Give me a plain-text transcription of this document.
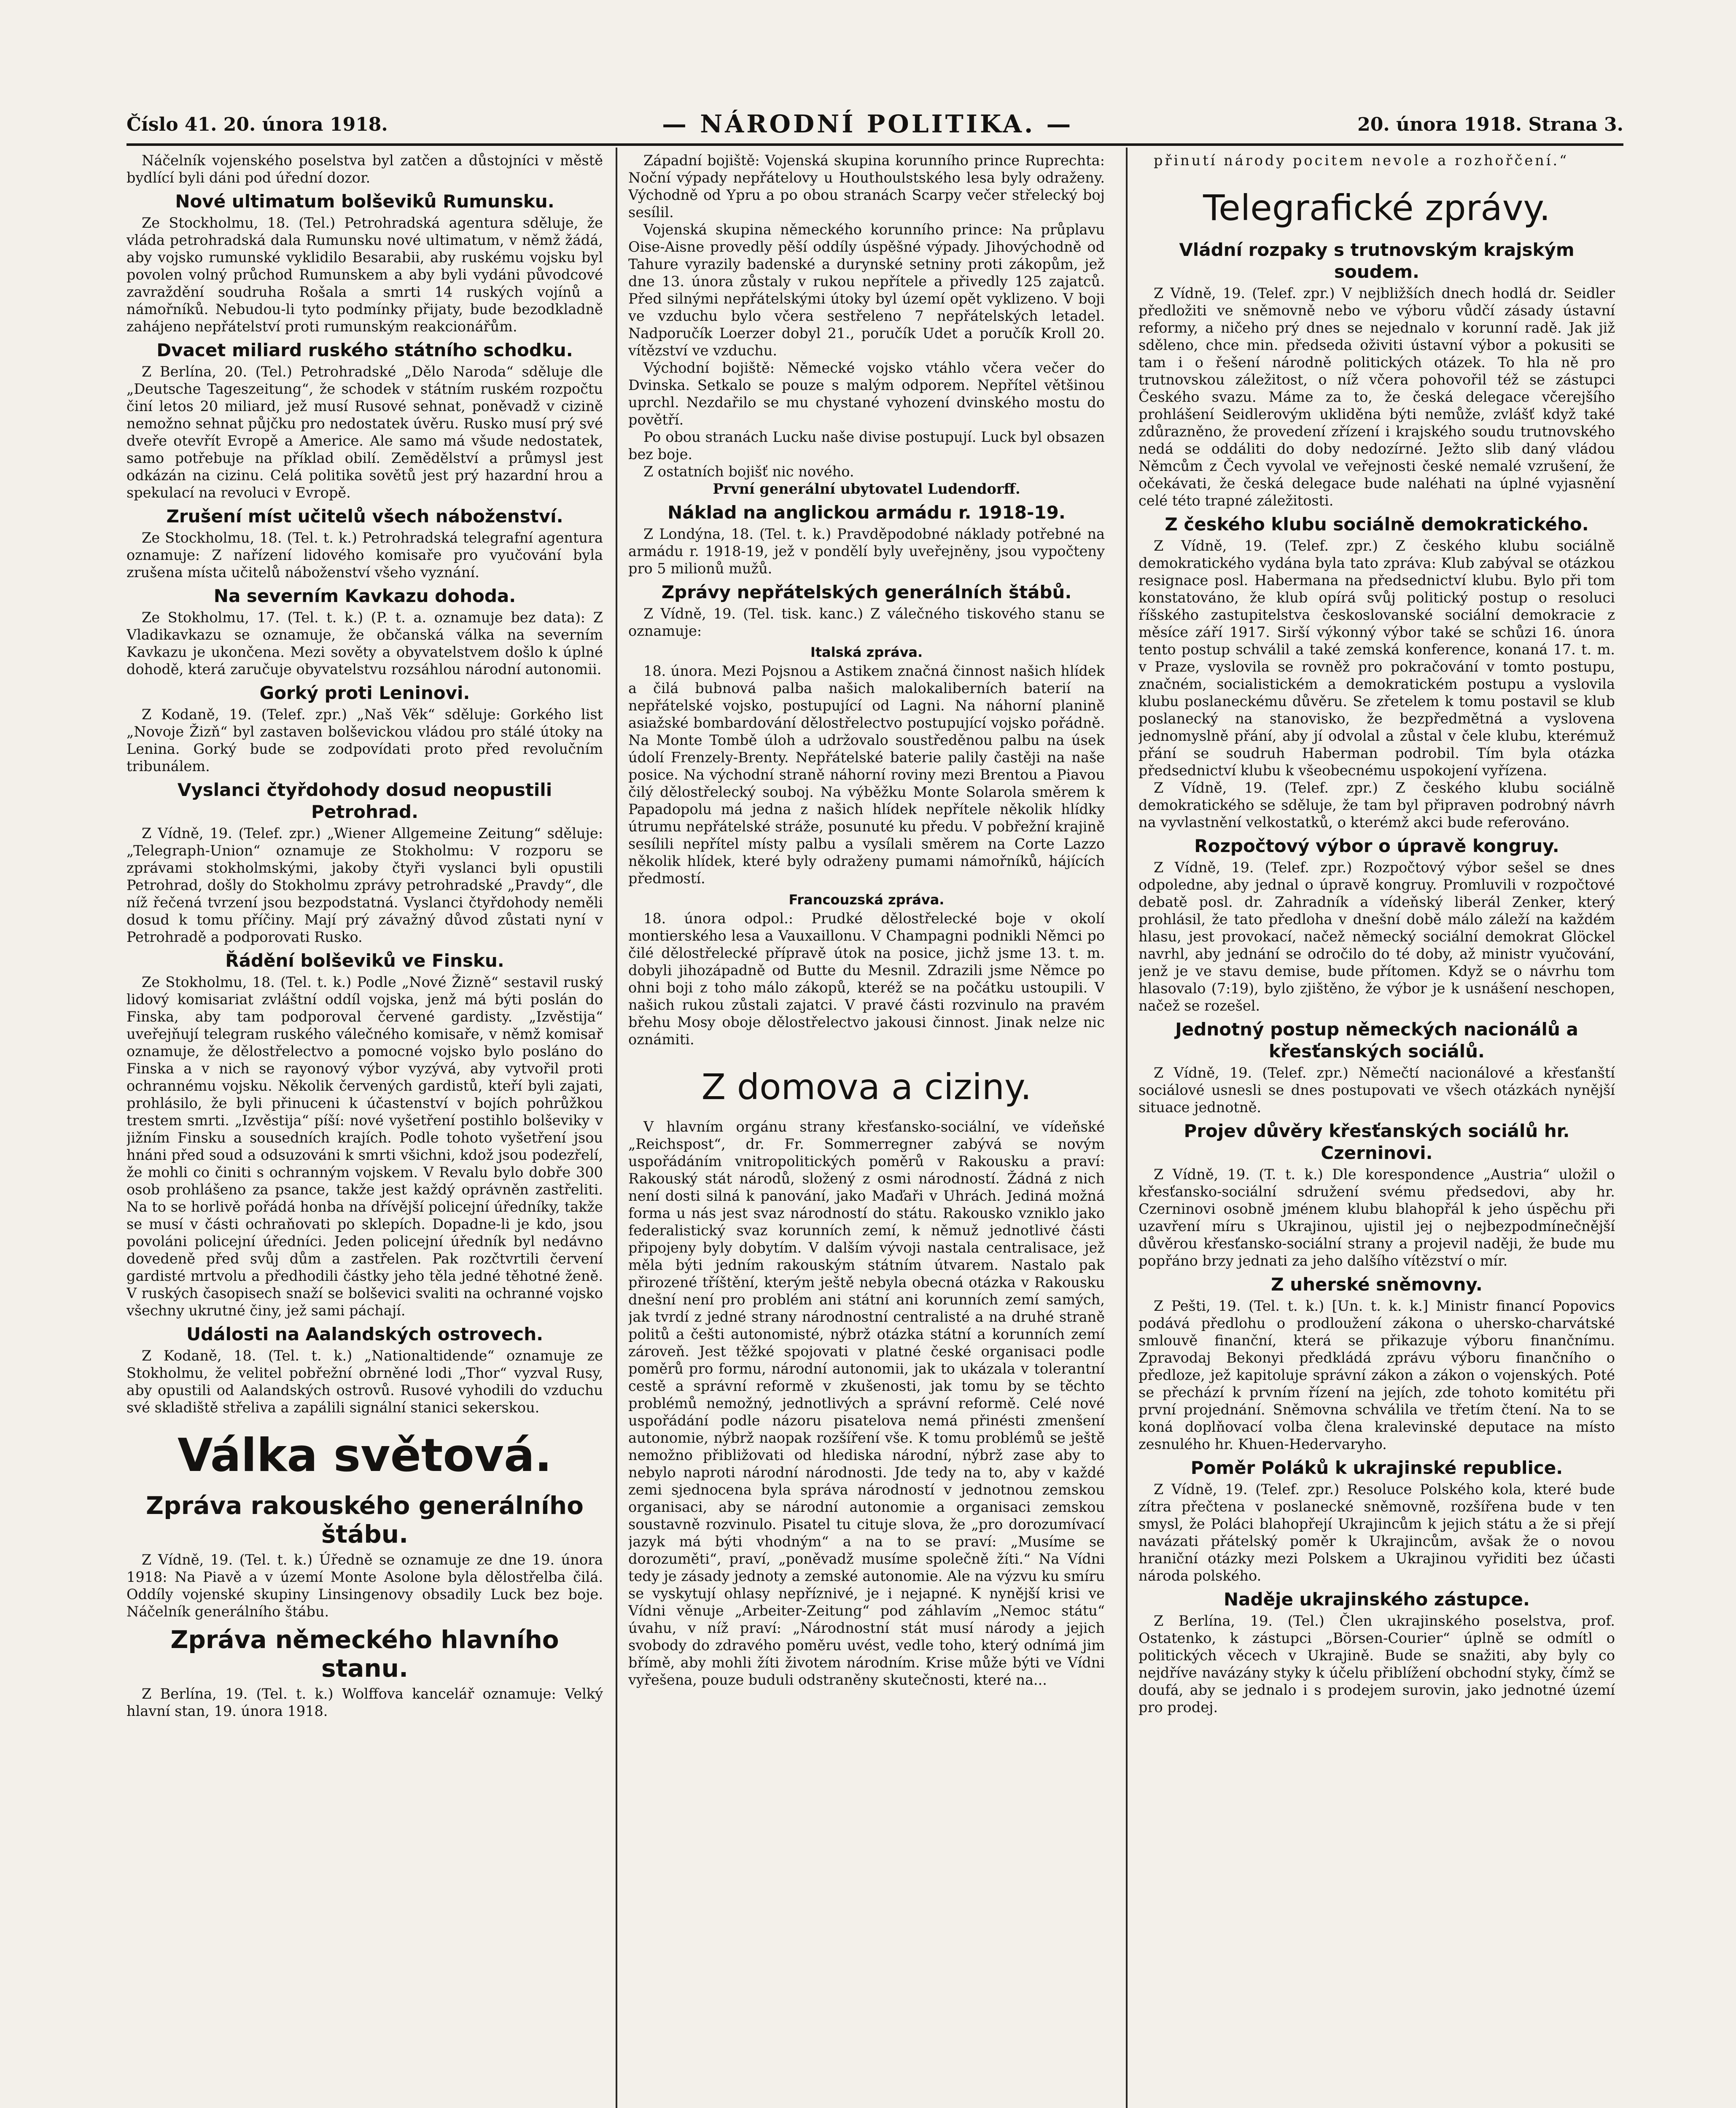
Číslo 41. 20. února 1918.	— NÁRODNÍ POLITIKA. —	20. února 1918. Strana 3.

Náčelník vojenského poselstva byl zatčen a důstojníci v městě bydlící byli dáni pod úřední dozor.

Nové ultimatum bolševiků Rumunsku.

Ze Stockholmu, 18. (Tel.) Petrohradská agentura sděluje, že vláda petrohradská dala Rumunsku nové ultimatum, v němž žádá, aby vojsko rumunské vyklidilo Besarabii, aby ruskému vojsku byl povolen volný průchod Rumunskem a aby byli vydáni původcové zavraždění soudruha Rošala a smrti 14 ruských vojínů a námořníků. Nebudou-li tyto podmínky přijaty, bude bezodkladně zahájeno nepřátelství proti rumunským reakcionářům.

Dvacet miliard ruského státního schodku.

Z Berlína, 20. (Tel.) Petrohradské „Dělo Naroda“ sděluje dle „Deutsche Tageszeitung“, že schodek v státním ruském rozpočtu činí letos 20 miliard, jež musí Rusové sehnat, poněvadž v cizině nemožno sehnat půjčku pro nedostatek úvěru. Rusko musí prý své dveře otevřít Evropě a Americe. Ale samo má všude nedostatek, samo potřebuje na příklad obilí. Zemědělství a průmysl jest odkázán na cizinu. Celá politika sovětů jest prý hazardní hrou a spekulací na revoluci v Evropě.

Zrušení míst učitelů všech náboženství.

Ze Stockholmu, 18. (Tel. t. k.) Petrohradská telegrafní agentura oznamuje: Z nařízení lidového komisaře pro vyučování byla zrušena místa učitelů náboženství všeho vyznání.

Na severním Kavkazu dohoda.

Ze Stokholmu, 17. (Tel. t. k.) (P. t. a. oznamuje bez data): Z Vladikavkazu se oznamuje, že občanská válka na severním Kavkazu je ukončena. Mezi sověty a obyvatelstvem došlo k úplné dohodě, která zaručuje obyvatelstvu rozsáhlou národní autonomii.

Gorký proti Leninovi.

Z Kodaně, 19. (Telef. zpr.) „Naš Věk“ sděluje: Gorkého list „Novoje Žizň“ byl zastaven bolševickou vládou pro stálé útoky na Lenina. Gorký bude se zodpovídati proto před revolučním tribunálem.

Vyslanci čtyřdohody dosud neopustili Petrohrad.

Z Vídně, 19. (Telef. zpr.) „Wiener Allgemeine Zeitung“ sděluje: „Telegraph-Union“ oznamuje ze Stokholmu: V rozporu se zprávami stokholmskými, jakoby čtyři vyslanci byli opustili Petrohrad, došly do Stokholmu zprávy petrohradské „Pravdy“, dle níž řečená tvrzení jsou bezpodstatná. Vyslanci čtyřdohody neměli dosud k tomu příčiny. Mají prý závažný důvod zůstati nyní v Petrohradě a podporovati Rusko.

Řádění bolševiků ve Finsku.

Ze Stokholmu, 18. (Tel. t. k.) Podle „Nové Žizně“ sestavil ruský lidový komisariat zvláštní oddíl vojska, jenž má býti poslán do Finska, aby tam podporoval červené gardisty. „Izvěstija“ uveřejňují telegram ruského válečného komisaře, v němž komisař oznamuje, že dělostřelectvo a pomocné vojsko bylo posláno do Finska a v nich se rayonový výbor vyzývá, aby vytvořil proti ochrannému vojsku. Několik červených gardistů, kteří byli zajati, prohlásilo, že byli přinuceni k účastenství v bojích pohrůžkou trestem smrti. „Izvěstija“ píší: nové vyšetření postihlo bolševiky v jižním Finsku a sousedních krajích. Podle tohoto vyšetření jsou hnáni před soud a odsuzováni k smrti všichni, kdož jsou podezřelí, že mohli co činiti s ochranným vojskem. V Revalu bylo dobře 300 osob prohlášeno za psance, takže jest každý oprávněn zastřeliti. Na to se horlivě pořádá honba na dřívější policejní úředníky, takže se musí v části ochraňovati po sklepích. Dopadne-li je kdo, jsou povoláni policejní úředníci. Jeden policejní úředník byl nedávno dovedeně před svůj dům a zastřelen. Pak rozčtvrtili červení gardisté mrtvolu a předhodili částky jeho těla jedné těhotné ženě. V ruských časopisech snaží se bolševici svaliti na ochranné vojsko všechny ukrutné činy, jež sami páchají.

Události na Aalandských ostrovech.

Z Kodaně, 18. (Tel. t. k.) „Nationaltidende“ oznamuje ze Stokholmu, že velitel pobřežní obrněné lodi „Thor“ vyzval Rusy, aby opustili od Aalandských ostrovů. Rusové vyhodili do vzduchu své skladiště střeliva a zapálili signální stanici sekerskou.

Válka světová.
Zpráva rakouského generálního štábu.

Z Vídně, 19. (Tel. t. k.) Úředně se oznamuje ze dne 19. února 1918: Na Piavě a v území Monte Asolone byla dělostřelba čilá. Oddíly vojenské skupiny Linsingenovy obsadily Luck bez boje. Náčelník generálního štábu.

Zpráva německého hlavního stanu.

Z Berlína, 19. (Tel. t. k.) Wolffova kancelář oznamuje: Velký hlavní stan, 19. února 1918.

Západní bojiště: Vojenská skupina korunního prince Ruprechta: Noční výpady nepřátelovy u Houthoulstského lesa byly odraženy. Východně od Ypru a po obou stranách Scarpy večer střelecký boj sesílil.

Vojenská skupina německého korunního prince: Na průplavu Oise-Aisne provedly pěší oddíly úspěšné výpady. Jihovýchodně od Tahure vyrazily badenské a durynské setniny proti zákopům, jež dne 13. února zůstaly v rukou nepřítele a přivedly 125 zajatců. Před silnými nepřátelskými útoky byl území opět vyklizeno. V boji ve vzduchu bylo včera sestřeleno 7 nepřátelských letadel. Nadporučík Loerzer dobyl 21., poručík Udet a poručík Kroll 20. vítězství ve vzduchu.

Východní bojiště: Německé vojsko vtáhlo včera večer do Dvinska. Setkalo se pouze s malým odporem. Nepřítel většinou uprchl. Nezdařilo se mu chystané vyhození dvinského mostu do povětří.

Po obou stranách Lucku naše divise postupují. Luck byl obsazen bez boje.

Z ostatních bojišť nic nového.

První generální ubytovatel Ludendorff.

Náklad na anglickou armádu r. 1918-19.

Z Londýna, 18. (Tel. t. k.) Pravděpodobné náklady potřebné na armádu r. 1918-19, jež v pondělí byly uveřejněny, jsou vypočteny pro 5 milionů mužů.

Zprávy nepřátelských generálních štábů.

Z Vídně, 19. (Tel. tisk. kanc.) Z válečného tiskového stanu se oznamuje:

Italská zpráva.

18. února. Mezi Pojsnou a Astikem značná činnost našich hlídek a čilá bubnová palba našich malokaliberních baterií na nepřátelské vojsko, postupující od Lagni. Na náhorní planině asiažské bombardování dělostřelectvo postupující vojsko pořádně. Na Monte Tombě úloh a udržovalo soustředěnou palbu na úsek údolí Frenzely-Brenty. Nepřátelské baterie palily častěji na naše posice. Na východní straně náhorní roviny mezi Brentou a Piavou čilý dělostřelecký souboj. Na výběžku Monte Solarola směrem k Papadopolu má jedna z našich hlídek nepřítele několik hlídky útrumu nepřátelské stráže, posunuté ku předu. V pobřežní krajině sesílili nepřítel místy palbu a vysílali směrem na Corte Lazzo několik hlídek, které byly odraženy pumami námořníků, hájících předmostí.

Francouzská zpráva.

18. února odpol.: Prudké dělostřelecké boje v okolí montierského lesa a Vauxaillonu. V Champagni podnikli Němci po čilé dělostřelecké přípravě útok na posice, jichž jsme 13. t. m. dobyli jihozápadně od Butte du Mesnil. Zdrazili jsme Němce po ohni boji z toho málo zákopů, kteréž se na počátku ustoupili. V našich rukou zůstali zajatci. V pravé části rozvinulo na pravém břehu Mosy oboje dělostřelectvo jakousi činnost. Jinak nelze nic oznámiti.

Z domova a ciziny.

V hlavním orgánu strany křesťansko-sociální, ve vídeňské „Reichspost“, dr. Fr. Sommerregner zabývá se novým uspořádáním vnitropolitických poměrů v Rakousku a praví: Rakouský stát národů, složený z osmi národností. Žádná z nich není dosti silná k panování, jako Maďaři v Uhrách. Jediná možná forma u nás jest svaz národností do státu. Rakousko vzniklo jako federalistický svaz korunních zemí, k němuž jednotlivé části připojeny byly dobytím. V dalším vývoji nastala centralisace, jež měla býti jedním rakouským státním útvarem. Nastalo pak přirozené tříštění, kterým ještě nebyla obecná otázka v Rakousku dnešní není pro problém ani státní ani korunních zemí samých, jak tvrdí z jedné strany národnostní centralisté a na druhé straně politů a češti autonomisté, nýbrž otázka státní a korunních zemí zároveň. Jest těžké spojovati v platné české organisaci podle poměrů pro formu, národní autonomii, jak to ukázala v tolerantní cestě a správní reformě v zkušenosti, jak tomu by se těchto problémů nemožný, jednotlivých a správní reformě. Celé nové uspořádání podle názoru pisatelova nemá přinésti zmenšení autonomie, nýbrž naopak rozšíření vše. K tomu problémů se ještě nemožno přibližovati od hlediska národní, nýbrž zase aby to nebylo naproti národní národnosti. Jde tedy na to, aby v každé zemi sjednocena byla správa národností v jednotnou zemskou organisaci, aby se národní autonomie a organisaci zemskou soustavně rozvinulo. Pisatel tu cituje slova, že „pro dorozumívací jazyk má býti vhodným“ a na to se praví: „Musíme se dorozuměti“, praví, „poněvadž musíme společně žíti.“ Na Vídni tedy je zásady jednoty a zemské autonomie. Ale na výzvu ku smíru se vyskytují ohlasy nepříznivé, je i nejapné. K nynější krisi ve Vídni věnuje „Arbeiter-Zeitung“ pod záhlavím „Nemoc státu“ úvahu, v níž praví: „Národnostní stát musí národy a jejich svobody do zdravého poměru uvést, vedle toho, který odnímá jim břímě, aby mohli žíti životem národním. Krise může býti ve Vídni vyřešena, pouze buduli odstraněny skutečnosti, které na...

přinutí národy pocitem nevole a rozhořčení.“

Telegrafické zprávy.
Vládní rozpaky s trutnovským krajským soudem.

Z Vídně, 19. (Telef. zpr.) V nejbližších dnech hodlá dr. Seidler předložiti ve sněmovně nebo ve výboru vůdčí zásady ústavní reformy, a ničeho prý dnes se nejednalo v korunní radě. Jak již sděleno, chce min. předseda oživiti ústavní výbor a pokusiti se tam i o řešení národně politických otázek. To hla ně pro trutnovskou záležitost, o níž včera pohovořil též se zástupci Českého svazu. Máme za to, že česká delegace včerejšího prohlášení Seidlerovým ukliděna býti nemůže, zvlášť když také zdůrazněno, že provedení zřízení i krajského soudu trutnovského nedá se oddáliti do doby nedozírné. Ježto slib daný vládou Němcům z Čech vyvolal ve veřejnosti české nemalé vzrušení, že očekávati, že česká delegace bude naléhati na úplné vyjasnění celé této trapné záležitosti.

Z českého klubu sociálně demokratického.

Z Vídně, 19. (Telef. zpr.) Z českého klubu sociálně demokratického vydána byla tato zpráva: Klub zabýval se otázkou resignace posl. Habermana na předsednictví klubu. Bylo při tom konstatováno, že klub opírá svůj politický postup o resoluci říšského zastupitelstva českoslovanské sociální demokracie z měsíce září 1917. Sirší výkonný výbor také se schůzi 16. února tento postup schválil a také zemská konference, konaná 17. t. m. v Praze, vyslovila se rovněž pro pokračování v tomto postupu, značném, socialistickém a demokratickém postupu a vyslovila klubu poslaneckému důvěru. Se zřetelem k tomu postavil se klub poslanecký na stanovisko, že bezpředmětná a vyslovena jednomyslně přání, aby jí odvolal a zůstal v čele klubu, kterémuž přání se soudruh Haberman podrobil. Tím byla otázka předsednictví klubu k všeobecnému uspokojení vyřízena.

Z Vídně, 19. (Telef. zpr.) Z českého klubu sociálně demokratického se sděluje, že tam byl připraven podrobný návrh na vyvlastnění velkostatků, o kterémž akci bude referováno.

Rozpočtový výbor o úpravě kongruy.

Z Vídně, 19. (Telef. zpr.) Rozpočtový výbor sešel se dnes odpoledne, aby jednal o úpravě kongruy. Promluvili v rozpočtové debatě posl. dr. Zahradník a vídeňský liberál Zenker, který prohlásil, že tato předloha v dnešní době málo záleží na každém hlasu, jest provokací, načež německý sociální demokrat Glöckel navrhl, aby jednání se odročilo do té doby, až ministr vyučování, jenž je ve stavu demise, bude přítomen. Když se o návrhu tom hlasovalo (7:19), bylo zjištěno, že výbor je k usnášení neschopen, načež se rozešel.

Jednotný postup německých nacionálů a křesťanských sociálů.

Z Vídně, 19. (Telef. zpr.) Němečtí nacionálové a křesťanští sociálové usnesli se dnes postupovati ve všech otázkách nynější situace jednotně.

Projev důvěry křesťanských sociálů hr. Czerninovi.

Z Vídně, 19. (T. t. k.) Dle korespondence „Austria“ uložil o křesťansko-sociální sdružení svému předsedovi, aby hr. Czerninovi osobně jménem klubu blahopřál k jeho úspěchu při uzavření míru s Ukrajinou, ujistil jej o nejbezpodmínečnější důvěrou křesťansko-sociální strany a projevil naději, že bude mu popřáno brzy jednati za jeho dalšího vítězství o mír.

Z uherské sněmovny.

Z Pešti, 19. (Tel. t. k.) [Un. t. k. k.] Ministr financí Popovics podává předlohu o prodloužení zákona o uhersko-charvátské smlouvě finanční, která se přikazuje výboru finančnímu. Zpravodaj Bekonyi předkládá zprávu výboru finančního o předloze, jež kapitoluje správní zákon a zákon o vojenských. Poté se přechází k prvním řízení na jejích, zde tohoto komitétu při první projednání. Sněmovna schválila ve třetím čtení. Na to se koná doplňovací volba člena kralevinské deputace na místo zesnulého hr. Khuen-Hedervaryho.

Poměr Poláků k ukrajinské republice.

Z Vídně, 19. (Telef. zpr.) Resoluce Polského kola, které bude zítra přečtena v poslanecké sněmovně, rozšířena bude v ten smysl, že Poláci blahopřejí Ukrajincům k jejich státu a že si přejí navázati přátelský poměr k Ukrajincům, avšak že o novou hraniční otázky mezi Polskem a Ukrajinou vyřiditi bez účasti národa polského.

Naděje ukrajinského zástupce.

Z Berlína, 19. (Tel.) Člen ukrajinského poselstva, prof. Ostatenko, k zástupci „Börsen-Courier“ úplně se odmítl o politických věcech v Ukrajině. Bude se snažiti, aby byly co nejdříve navázány styky k účelu přiblížení obchodní styky, čímž se doufá, aby se jednalo i s prodejem surovin, jako jednotné území pro prodej.
